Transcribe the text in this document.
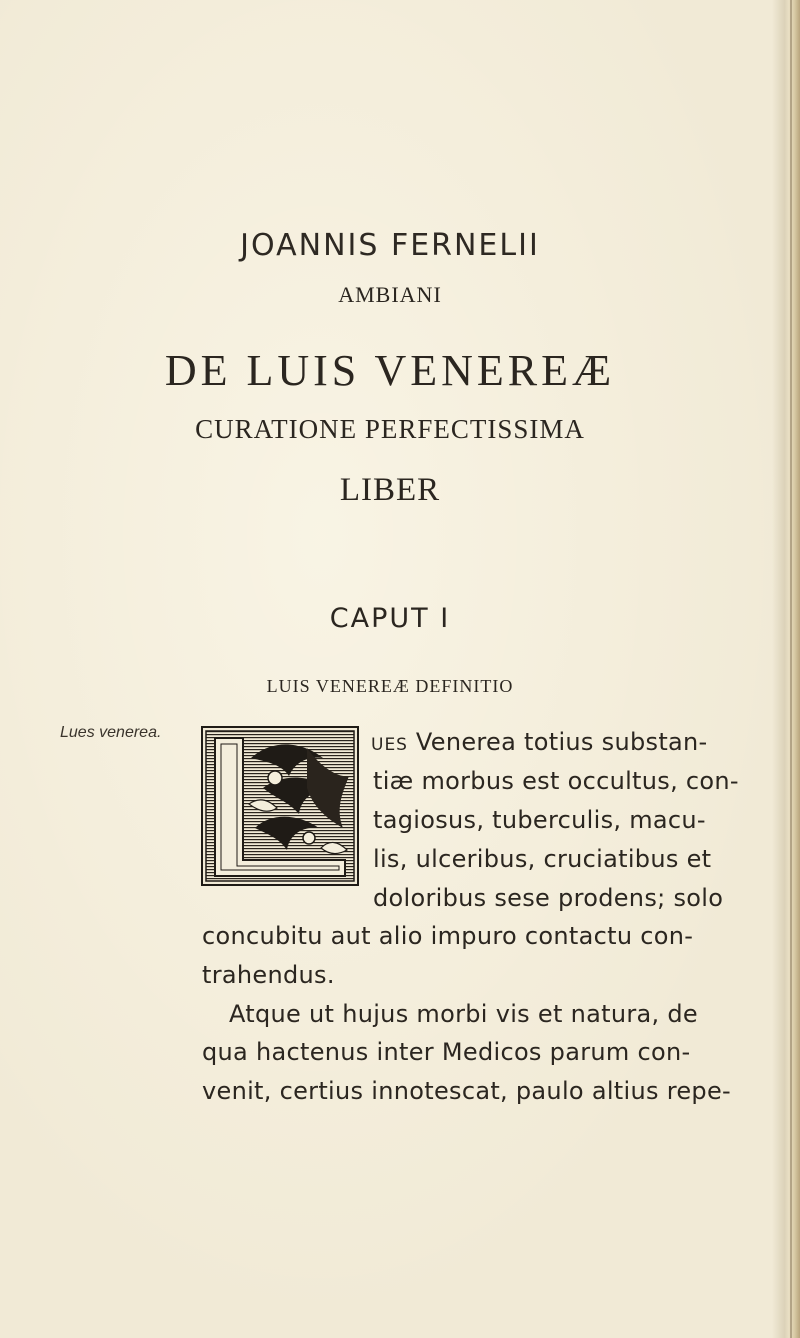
JOANNIS FERNELII
AMBIANI
DE LUIS VENEREÆ
CURATIONE PERFECTISSIMA
LIBER
CAPUT I
LUIS VENEREÆ DEFINITIO
Lues venerea.
UES Venerea totius substan-
tiæ morbus est occultus, con-
tagiosus, tuberculis, macu-
lis, ulceribus, cruciatibus et
doloribus sese prodens; solo
concubitu aut alio impuro contactu con-
trahendus.
Atque ut hujus morbi vis et natura, de
qua hactenus inter Medicos parum con-
venit, certius innotescat, paulo altius repe-
